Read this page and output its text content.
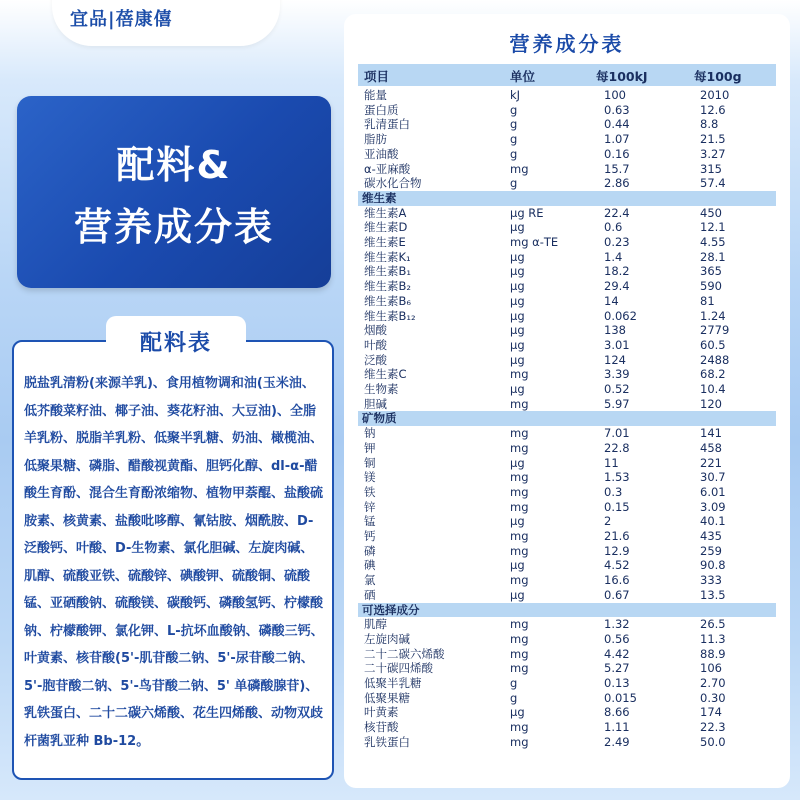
宜品|蓓康僖
配料&
营养成分表
脱盐乳清粉(来源羊乳)、食用植物调和油(玉米油、低芥酸菜籽油、椰子油、葵花籽油、大豆油)、全脂羊乳粉、脱脂羊乳粉、低聚半乳糖、奶油、橄榄油、低聚果糖、磷脂、醋酸视黄酯、胆钙化醇、dl-α-醋酸生育酚、混合生育酚浓缩物、植物甲萘醌、盐酸硫胺素、核黄素、盐酸吡哆醇、氰钴胺、烟酰胺、D-泛酸钙、叶酸、D-生物素、氯化胆碱、左旋肉碱、肌醇、硫酸亚铁、硫酸锌、碘酸钾、硫酸铜、硫酸锰、亚硒酸钠、硫酸镁、碳酸钙、磷酸氢钙、柠檬酸钠、柠檬酸钾、氯化钾、L-抗坏血酸钠、磷酸三钙、叶黄素、核苷酸(5'-肌苷酸二钠、5'-尿苷酸二钠、5'-胞苷酸二钠、5'-鸟苷酸二钠、5' 单磷酸腺苷)、乳铁蛋白、二十二碳六烯酸、花生四烯酸、动物双歧杆菌乳亚种 Bb-12。
配料表
营养成分表
项目	单位	每100kJ	每100g
能量	kJ	100	2010
蛋白质	g	0.63	12.6
乳清蛋白	g	0.44	8.8
脂肪	g	1.07	21.5
亚油酸	g	0.16	3.27
α-亚麻酸	mg	15.7	315
碳水化合物	g	2.86	57.4
维生素
维生素A	μg RE	22.4	450
维生素D	μg	0.6	12.1
维生素E	mg α-TE	0.23	4.55
维生素K₁	μg	1.4	28.1
维生素B₁	μg	18.2	365
维生素B₂	μg	29.4	590
维生素B₆	μg	14	81
维生素B₁₂	μg	0.062	1.24
烟酸	μg	138	2779
叶酸	μg	3.01	60.5
泛酸	μg	124	2488
维生素C	mg	3.39	68.2
生物素	μg	0.52	10.4
胆碱	mg	5.97	120
矿物质
钠	mg	7.01	141
钾	mg	22.8	458
铜	μg	11	221
镁	mg	1.53	30.7
铁	mg	0.3	6.01
锌	mg	0.15	3.09
锰	μg	2	40.1
钙	mg	21.6	435
磷	mg	12.9	259
碘	μg	4.52	90.8
氯	mg	16.6	333
硒	μg	0.67	13.5
可选择成分
肌醇	mg	1.32	26.5
左旋肉碱	mg	0.56	11.3
二十二碳六烯酸	mg	4.42	88.9
二十碳四烯酸	mg	5.27	106
低聚半乳糖	g	0.13	2.70
低聚果糖	g	0.015	0.30
叶黄素	μg	8.66	174
核苷酸	mg	1.11	22.3
乳铁蛋白	mg	2.49	50.0
